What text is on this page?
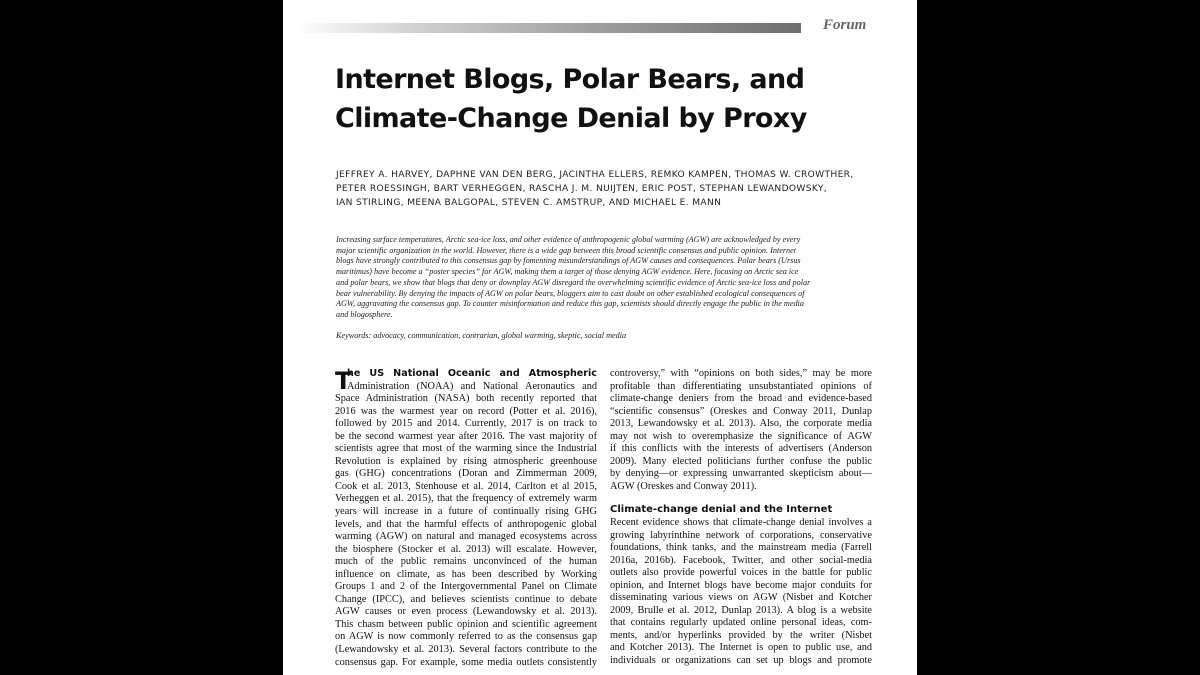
Forum
Internet Blogs, Polar Bears, and
Climate-Change Denial by Proxy
JEFFREY A. HARVEY, DAPHNE VAN DEN BERG, JACINTHA ELLERS, REMKO KAMPEN, THOMAS W. CROWTHER,
PETER ROESSINGH, BART VERHEGGEN, RASCHA J. M. NUIJTEN, ERIC POST, STEPHAN LEWANDOWSKY,
IAN STIRLING, MEENA BALGOPAL, STEVEN C. AMSTRUP, AND MICHAEL E. MANN
Increasing surface temperatures, Arctic sea-ice loss, and other evidence of anthropogenic global warming (AGW) are acknowledged by every
major scientific organization in the world. However, there is a wide gap between this broad scientific consensus and public opinion. Internet
blogs have strongly contributed to this consensus gap by fomenting misunderstandings of AGW causes and consequences. Polar bears (Ursus
maritimus) have become a “poster species” for AGW, making them a target of those denying AGW evidence. Here, focusing on Arctic sea ice
and polar bears, we show that blogs that deny or downplay AGW disregard the overwhelming scientific evidence of Arctic sea-ice loss and polar
bear vulnerability. By denying the impacts of AGW on polar bears, bloggers aim to cast doubt on other established ecological consequences of
AGW, aggravating the consensus gap. To counter misinformation and reduce this gap, scientists should directly engage the public in the media
and blogosphere.
Keywords: advocacy, communication, contrarian, global warming, skeptic, social media
T
he US National Oceanic and Atmospheric
Administration (NOAA) and National Aeronautics and
Space Administration (NASA) both recently reported that
2016 was the warmest year on record (Potter et al. 2016),
followed by 2015 and 2014. Currently, 2017 is on track to
be the second warmest year after 2016. The vast majority of
scientists agree that most of the warming since the Industrial
Revolution is explained by rising atmospheric greenhouse
gas (GHG) concentrations (Doran and Zimmerman 2009,
Cook et al. 2013, Stenhouse et al. 2014, Carlton et al 2015,
Verheggen et al. 2015), that the frequency of extremely warm
years will increase in a future of continually rising GHG
levels, and that the harmful effects of anthropogenic global
warming (AGW) on natural and managed ecosystems across
the biosphere (Stocker et al. 2013) will escalate. However,
much of the public remains unconvinced of the human
influence on climate, as has been described by Working
Groups 1 and 2 of the Intergovernmental Panel on Climate
Change (IPCC), and believes scientists continue to debate
AGW causes or even process (Lewandowsky et al. 2013).
This chasm between public opinion and scientific agreement
on AGW is now commonly referred to as the consensus gap
(Lewandowsky et al. 2013). Several factors contribute to the
consensus gap. For example, some media outlets consistently
controversy,” with “opinions on both sides,” may be more
profitable than differentiating unsubstantiated opinions of
climate-change deniers from the broad and evidence-based
“scientific consensus” (Oreskes and Conway 2011, Dunlap
2013, Lewandowsky et al. 2013). Also, the corporate media
may not wish to overemphasize the significance of AGW
if this conflicts with the interests of advertisers (Anderson
2009). Many elected politicians further confuse the public
by denying—or expressing unwarranted skepticism about—
AGW (Oreskes and Conway 2011).
Climate-change denial and the Internet
Recent evidence shows that climate-change denial involves a
growing labyrinthine network of corporations, conservative
foundations, think tanks, and the mainstream media (Farrell
2016a, 2016b). Facebook, Twitter, and other social-media
outlets also provide powerful voices in the battle for public
opinion, and Internet blogs have become major conduits for
disseminating various views on AGW (Nisbet and Kotcher
2009, Brulle et al. 2012, Dunlap 2013). A blog is a website
that contains regularly updated online personal ideas, com-
ments, and/or hyperlinks provided by the writer (Nisbet
and Kotcher 2013). The Internet is open to public use, and
individuals or organizations can set up blogs and promote
